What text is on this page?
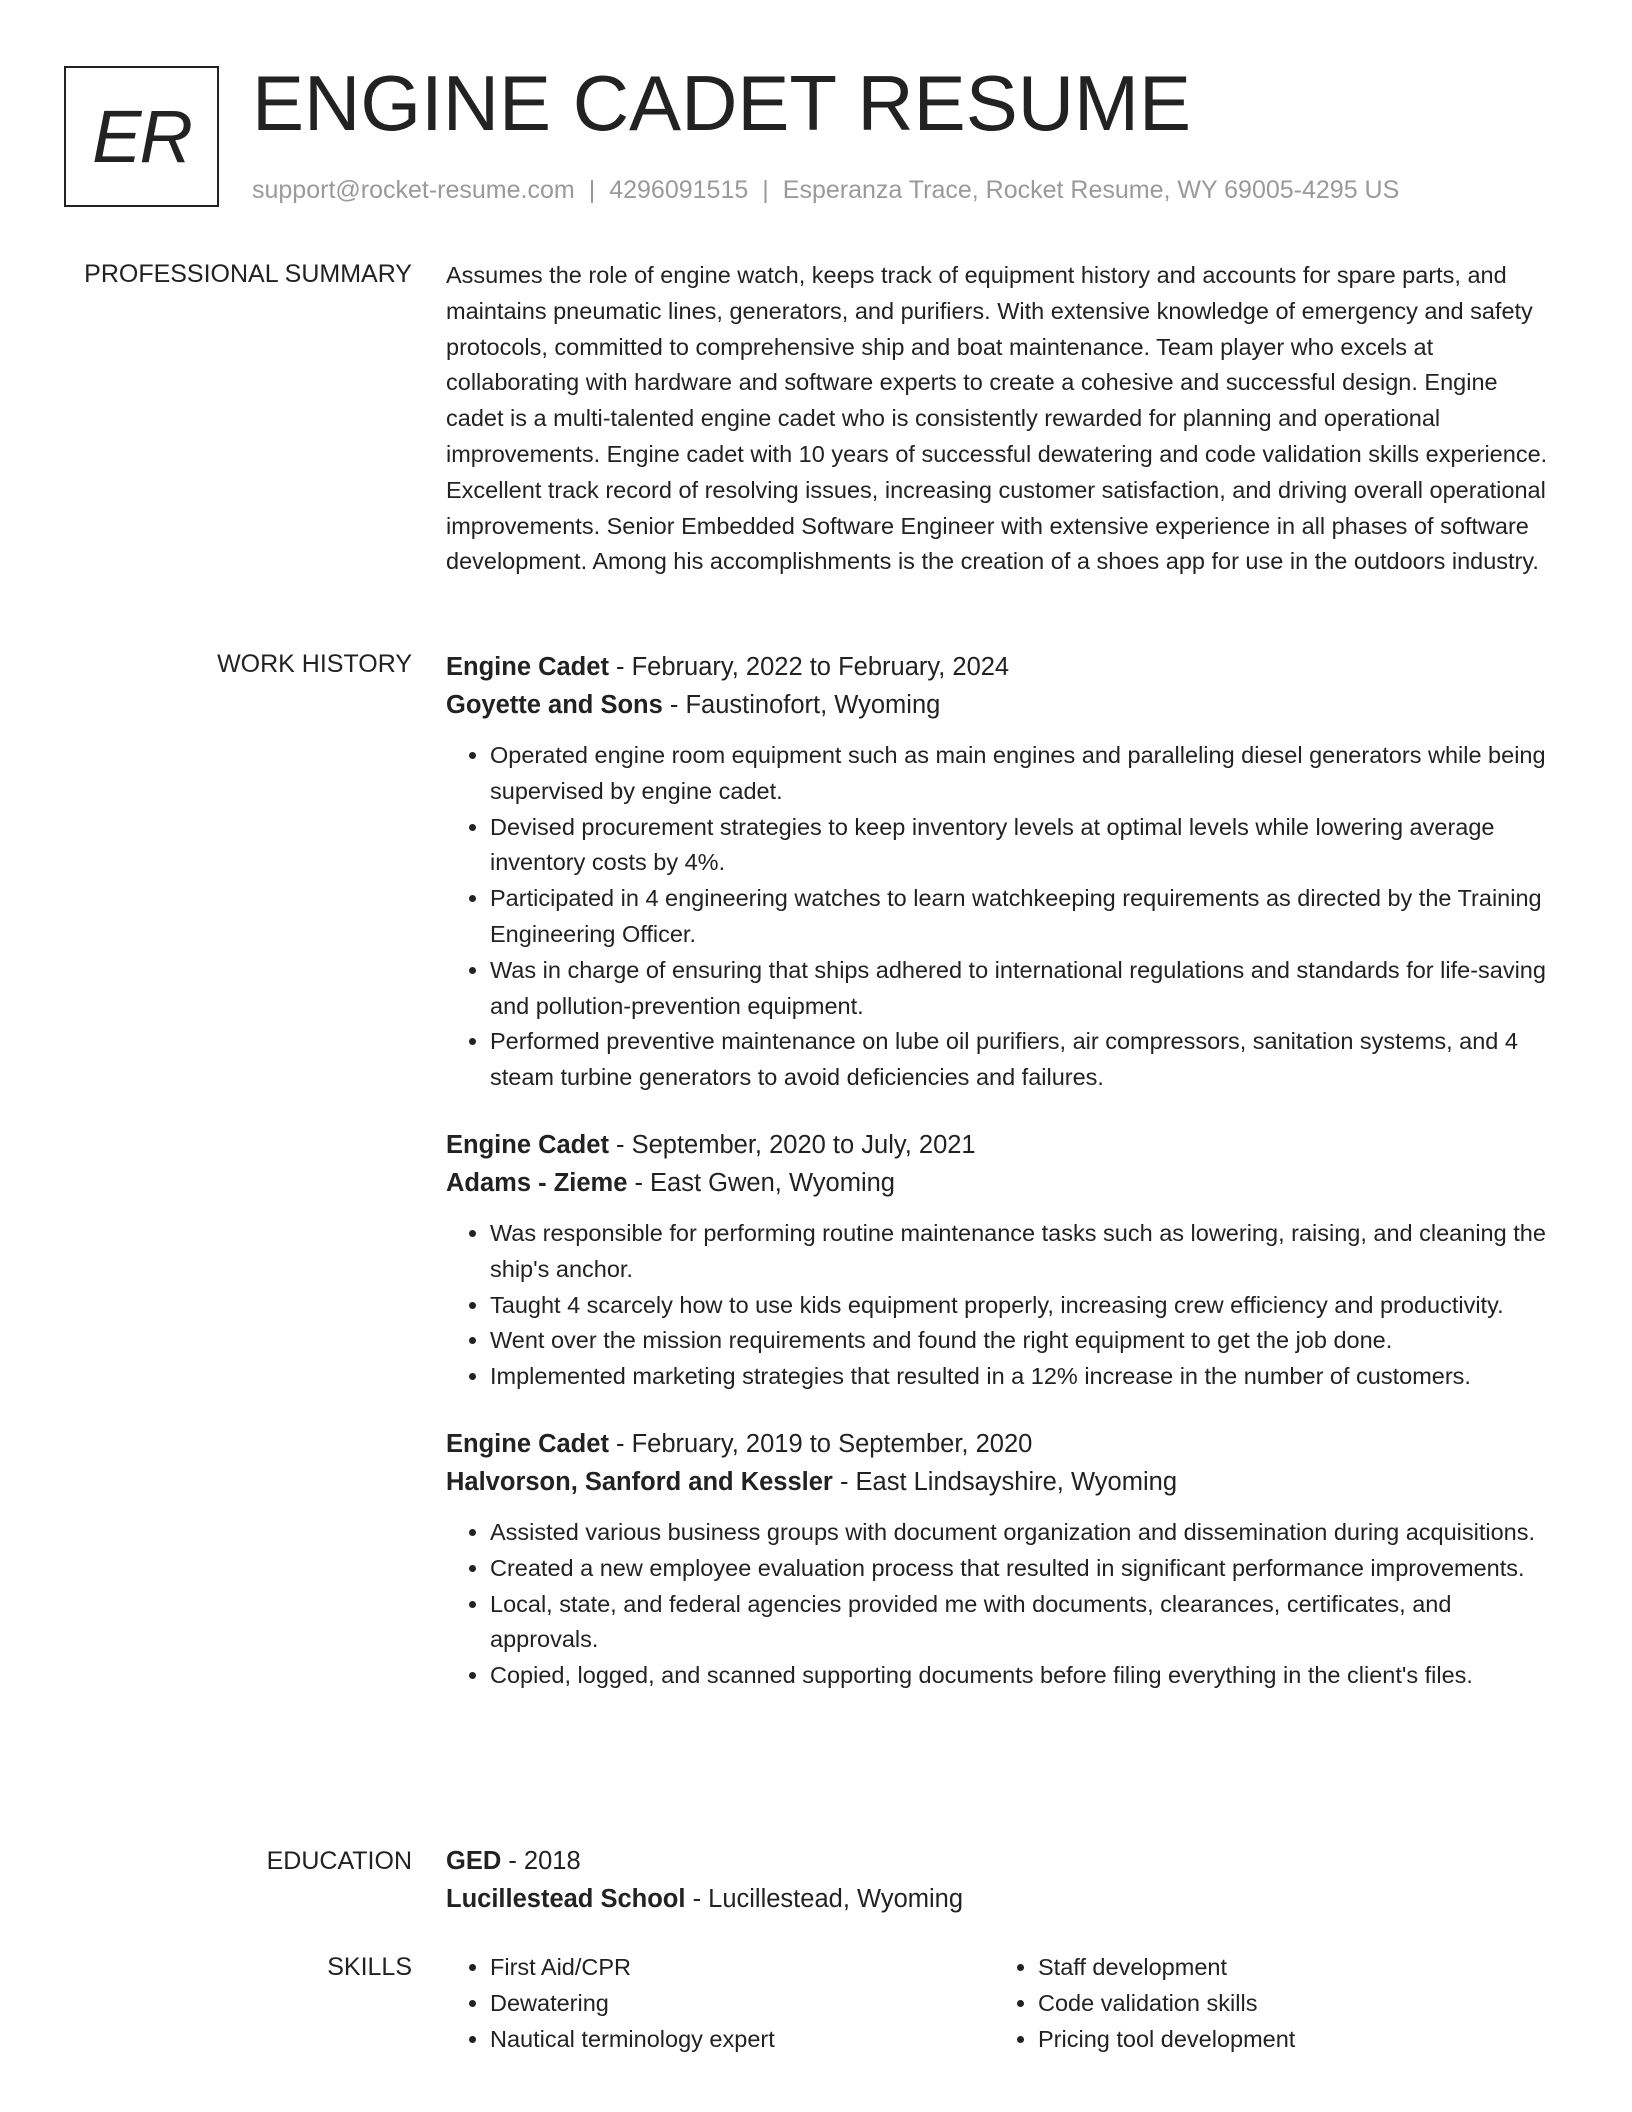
ER ENGINE CADET RESUME
support@rocket-resume.com | 4296091515 | Esperanza Trace, Rocket Resume, WY 69005-4295 US
PROFESSIONAL SUMMARY Assumes the role of engine watch, keeps track of equipment history and accounts for spare parts, and maintains pneumatic lines, generators, and purifiers. With extensive knowledge of emergency and safety protocols, committed to comprehensive ship and boat maintenance. Team player who excels at collaborating with hardware and software experts to create a cohesive and successful design. Engine cadet is a multi-talented engine cadet who is consistently rewarded for planning and operational improvements. Engine cadet with 10 years of successful dewatering and code validation skills experience. Excellent track record of resolving issues, increasing customer satisfaction, and driving overall operational improvements. Senior Embedded Software Engineer with extensive experience in all phases of software development. Among his accomplishments is the creation of a shoes app for use in the outdoors industry.

WORK HISTORY Engine Cadet - February, 2022 to February, 2024
Goyette and Sons - Faustinofort, Wyoming
• Operated engine room equipment such as main engines and paralleling diesel generators while being supervised by engine cadet.
• Devised procurement strategies to keep inventory levels at optimal levels while lowering average inventory costs by 4%.
• Participated in 4 engineering watches to learn watchkeeping requirements as directed by the Training Engineering Officer.
• Was in charge of ensuring that ships adhered to international regulations and standards for life-saving and pollution-prevention equipment.
• Performed preventive maintenance on lube oil purifiers, air compressors, sanitation systems, and 4 steam turbine generators to avoid deficiencies and failures.
Engine Cadet - September, 2020 to July, 2021
Adams - Zieme - East Gwen, Wyoming
• Was responsible for performing routine maintenance tasks such as lowering, raising, and cleaning the ship's anchor.
• Taught 4 scarcely how to use kids equipment properly, increasing crew efficiency and productivity.
• Went over the mission requirements and found the right equipment to get the job done.
• Implemented marketing strategies that resulted in a 12% increase in the number of customers.
Engine Cadet - February, 2019 to September, 2020
Halvorson, Sanford and Kessler - East Lindsayshire, Wyoming
• Assisted various business groups with document organization and dissemination during acquisitions.
• Created a new employee evaluation process that resulted in significant performance improvements.
• Local, state, and federal agencies provided me with documents, clearances, certificates, and approvals.
• Copied, logged, and scanned supporting documents before filing everything in the client's files.
EDUCATION GED - 2018
Lucillestead School - Lucillestead, Wyoming
SKILLS
•	First Aid/CPR
• Dewatering
• Nautical terminology expert
• Staff development
• Code validation skills
• Pricing tool development
